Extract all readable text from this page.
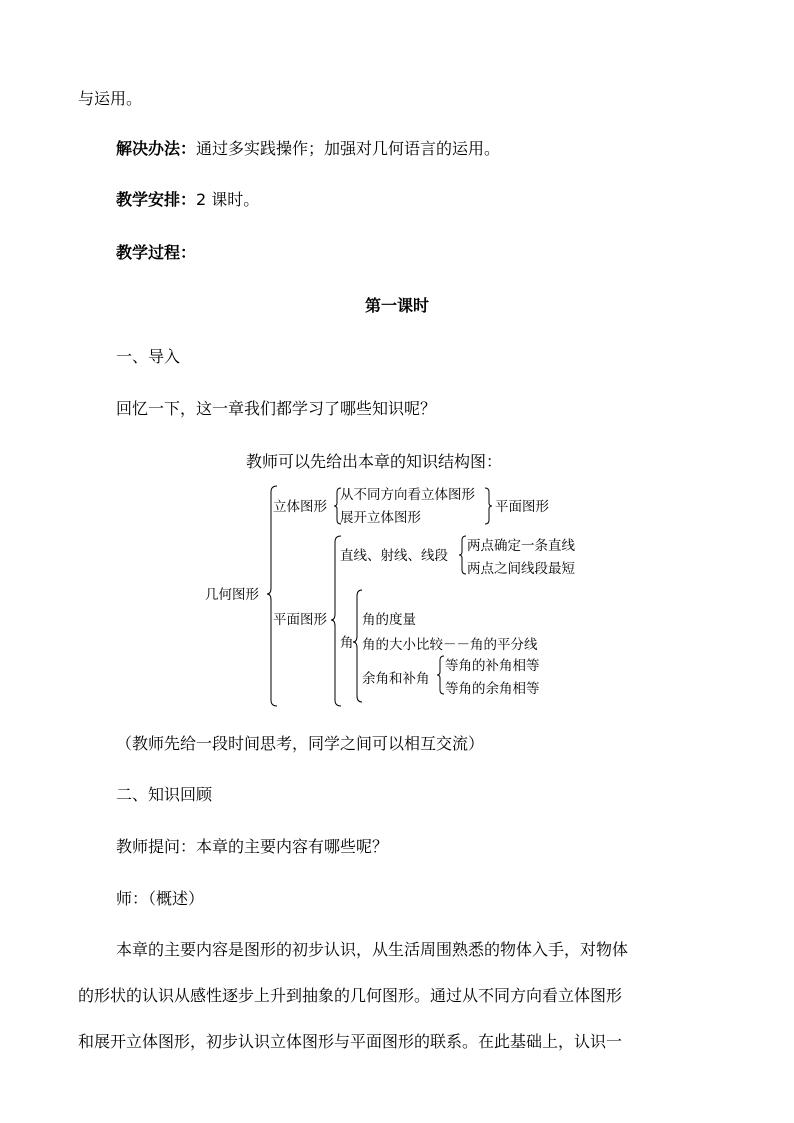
与运用。
解决办法：通过多实践操作；加强对几何语言的运用。
教学安排：2 课时。
教学过程：
第一课时
一、导入
回忆一下，这一章我们都学习了哪些知识呢？
教师可以先给出本章的知识结构图：
几何图形
立体图形
从不同方向看立体图形
展开立体图形
平面图形
平面图形
直线、射线、线段
两点确定一条直线
两点之间线段最短
角
角的度量
角的大小比较－－角的平分线
余角和补角
等角的补角相等
等角的余角相等
（教师先给一段时间思考，同学之间可以相互交流）
二、知识回顾
教师提问：本章的主要内容有哪些呢？
师：（概述）
本章的主要内容是图形的初步认识，从生活周围熟悉的物体入手，对物体
的形状的认识从感性逐步上升到抽象的几何图形。通过从不同方向看立体图形
和展开立体图形，初步认识立体图形与平面图形的联系。在此基础上，认识一
